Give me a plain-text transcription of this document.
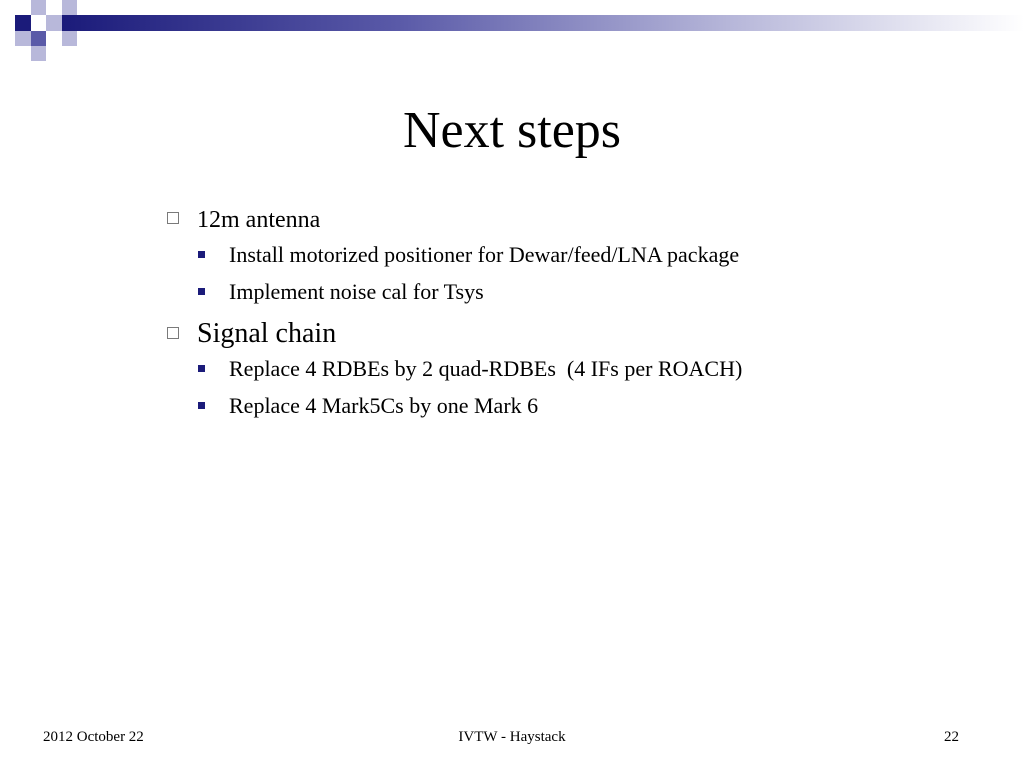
Next steps
12m antenna
Install motorized positioner for Dewar/feed/LNA package
Implement noise cal for Tsys
Signal chain
Replace 4 RDBEs by 2 quad-RDBEs  (4 IFs per ROACH)
Replace 4 Mark5Cs by one Mark 6
2012 October 22	IVTW - Haystack	22
